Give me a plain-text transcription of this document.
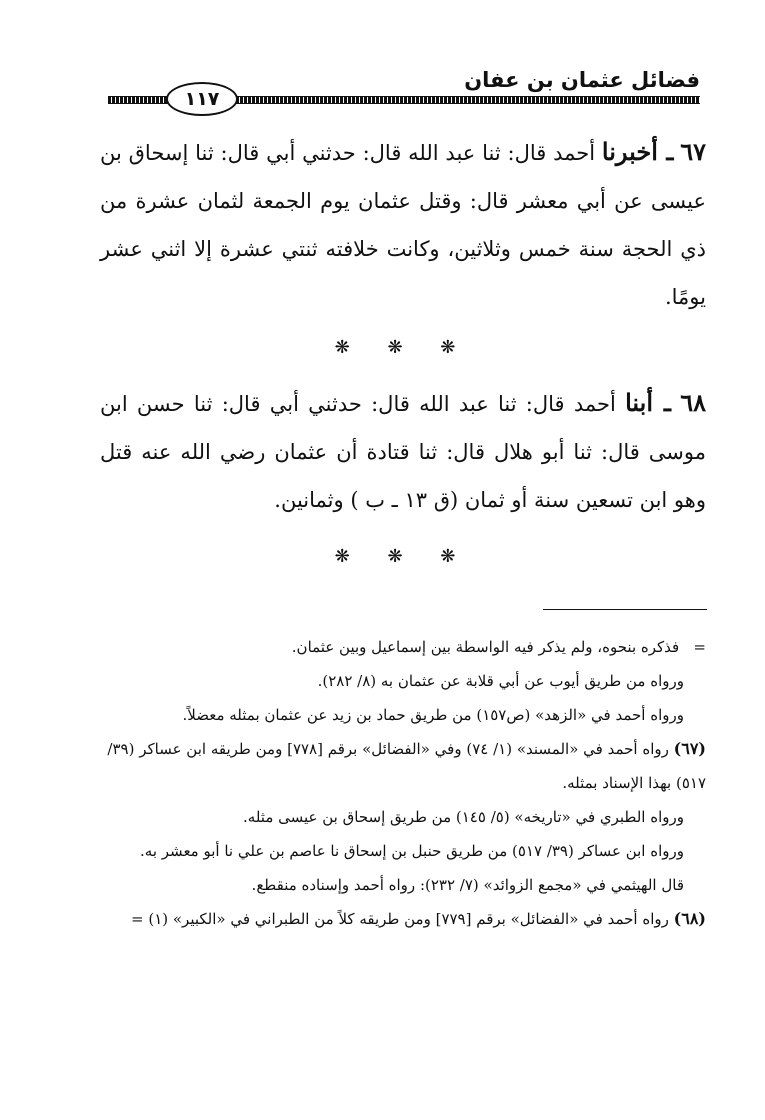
فضائل عثمان بن عفان
١١٧

٦٧ ـ أخبرنا أحمد قال: ثنا عبد الله قال: حدثني أبي قال: ثنا إسحاق بن عيسى عن أبي معشر قال: وقتل عثمان يوم الجمعة لثمان عشرة من ذي الحجة سنة خمس وثلاثين، وكانت خلافته ثنتي عشرة إلا اثني عشر يومًا.

❋ ❋ ❋

٦٨ ـ أبنا أحمد قال: ثنا عبد الله قال: حدثني أبي قال: ثنا حسن ابن موسى قال: ثنا أبو هلال قال: ثنا قتادة أن عثمان رضي الله عنه قتل وهو ابن تسعين سنة أو ثمان (ق ١٣ ـ ب ) وثمانين.

❋ ❋ ❋

= فذكره بنحوه، ولم يذكر فيه الواسطة بين إسماعيل وبين عثمان.

ورواه من طريق أيوب عن أبي قلابة عن عثمان به (٨/ ٢٨٢).

ورواه أحمد في «الزهد» (ص١٥٧) من طريق حماد بن زيد عن عثمان بمثله معضلاً.

(٦٧) رواه أحمد في «المسند» (١/ ٧٤) وفي «الفضائل» برقم [٧٧٨] ومن طريقه ابن عساكر (٣٩/ ٥١٧) بهذا الإسناد بمثله.

ورواه الطبري في «تاريخه» (٥/ ١٤٥) من طريق إسحاق بن عيسى مثله.

ورواه ابن عساكر (٣٩/ ٥١٧) من طريق حنبل بن إسحاق نا عاصم بن علي نا أبو معشر به.

قال الهيثمي في «مجمع الزوائد» (٧/ ٢٣٢): رواه أحمد وإسناده منقطع.

(٦٨) رواه أحمد في «الفضائل» برقم [٧٧٩] ومن طريقه كلاً من الطبراني في «الكبير» (١) =
